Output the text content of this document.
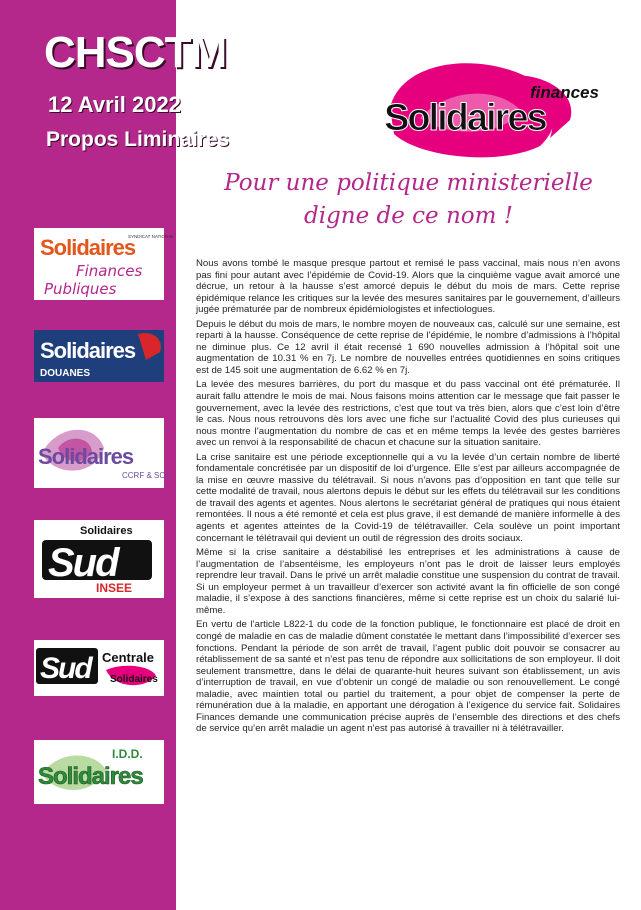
SYNDICAT NATIONAL
Solidaires
Finances
Publiques
Solidaires
DOUANES
Solidaires
CCRF & SCL
Solidaires
Sud
INSEE
Sud Centrale
Solidaires
I.D.D.
Solidaires
CHSCTM
12 Avril 2022
Propos Liminaires
finances
Solidaires
Pour une politique ministerielle
digne de ce nom !

Nous avons tombé le masque presque partout et remisé le pass vaccinal, mais nous n’en avons pas fini pour autant avec l’épidémie de Covid-19. Alors que la cinquième vague avait amorcé une décrue, un retour à la hausse s’est amorcé depuis le début du mois de mars. Cette reprise épidémique relance les critiques sur la levée des mesures sanitaires par le gouvernement, d’ailleurs jugée prématurée par de nombreux épidémiologistes et infectiologues.

Depuis le début du mois de mars, le nombre moyen de nouveaux cas, calculé sur une semaine, est reparti à la hausse. Conséquence de cette reprise de l’épidémie, le nombre d’admissions à l’hôpital ne diminue plus. Ce 12 avril il était recensé 1 690 nouvelles admission à l’hôpital soit une augmentation de 10.31 % en 7j. Le nombre de nouvelles entrées quotidiennes en soins critiques est de 145 soit une augmentation de 6.62 % en 7j.

La levée des mesures barrières, du port du masque et du pass vaccinal ont été prématurée. Il aurait fallu attendre le mois de mai. Nous faisons moins attention car le message que fait passer le gouvernement, avec la levée des restrictions, c’est que tout va très bien, alors que c’est loin d’être le cas. Nous nous retrouvons dès lors avec une fiche sur l’actualité Covid des plus curieuses qui nous montre l’augmentation du nombre de cas et en même temps la levée des gestes barrières avec un renvoi à la responsabilité de chacun et chacune sur la situation sanitaire.

La crise sanitaire est une période exceptionnelle qui a vu la levée d’un certain nombre de liberté fondamentale concrétisée par un dispositif de loi d’urgence. Elle s’est par ailleurs accompagnée de la mise en œuvre massive du télétravail. Si nous n’avons pas d’opposition en tant que telle sur cette modalité de travail, nous alertons depuis le début sur les effets du télétravail sur les conditions de travail des agents et agentes. Nous alertons le secrétariat général de pratiques qui nous étaient remontées. Il nous a été remonté et cela est plus grave, il est demandé de manière informelle à des agents et agentes atteintes de la Covid-19 de télétravailler. Cela soulève un point important concernant le télétravail qui devient un outil de régression des droits sociaux.

Même si la crise sanitaire a déstabilisé les entreprises et les administrations à cause de l’augmentation de l’absentéisme, les employeurs n’ont pas le droit de laisser leurs employés reprendre leur travail. Dans le privé un arrêt maladie constitue une suspension du contrat de travail. Si un employeur permet à un travailleur d’exercer son activité avant la fin officielle de son congé maladie, il s’expose à des sanctions financières, même si cette reprise est un choix du salarié lui-même.

En vertu de l’article L822-1 du code de la fonction publique, le fonctionnaire est placé de droit en congé de maladie en cas de maladie dûment constatée le mettant dans l’impossibilité d’exercer ses fonctions. Pendant la période de son arrêt de travail, l’agent public doit pouvoir se consacrer au rétablissement de sa santé et n’est pas tenu de répondre aux sollicitations de son employeur. Il doit seulement transmettre, dans le délai de quarante-huit heures suivant son établissement, un avis d’interruption de travail, en vue d’obtenir un congé de maladie ou son renouvellement. Le congé maladie, avec maintien total ou partiel du traitement, a pour objet de compenser la perte de rémunération due à la maladie, en apportant une dérogation à l’exigence du service fait. Solidaires Finances demande une communication précise auprès de l’ensemble des directions et des chefs de service qu’en arrêt maladie un agent n’est pas autorisé à travailler ni à télétravailler.
